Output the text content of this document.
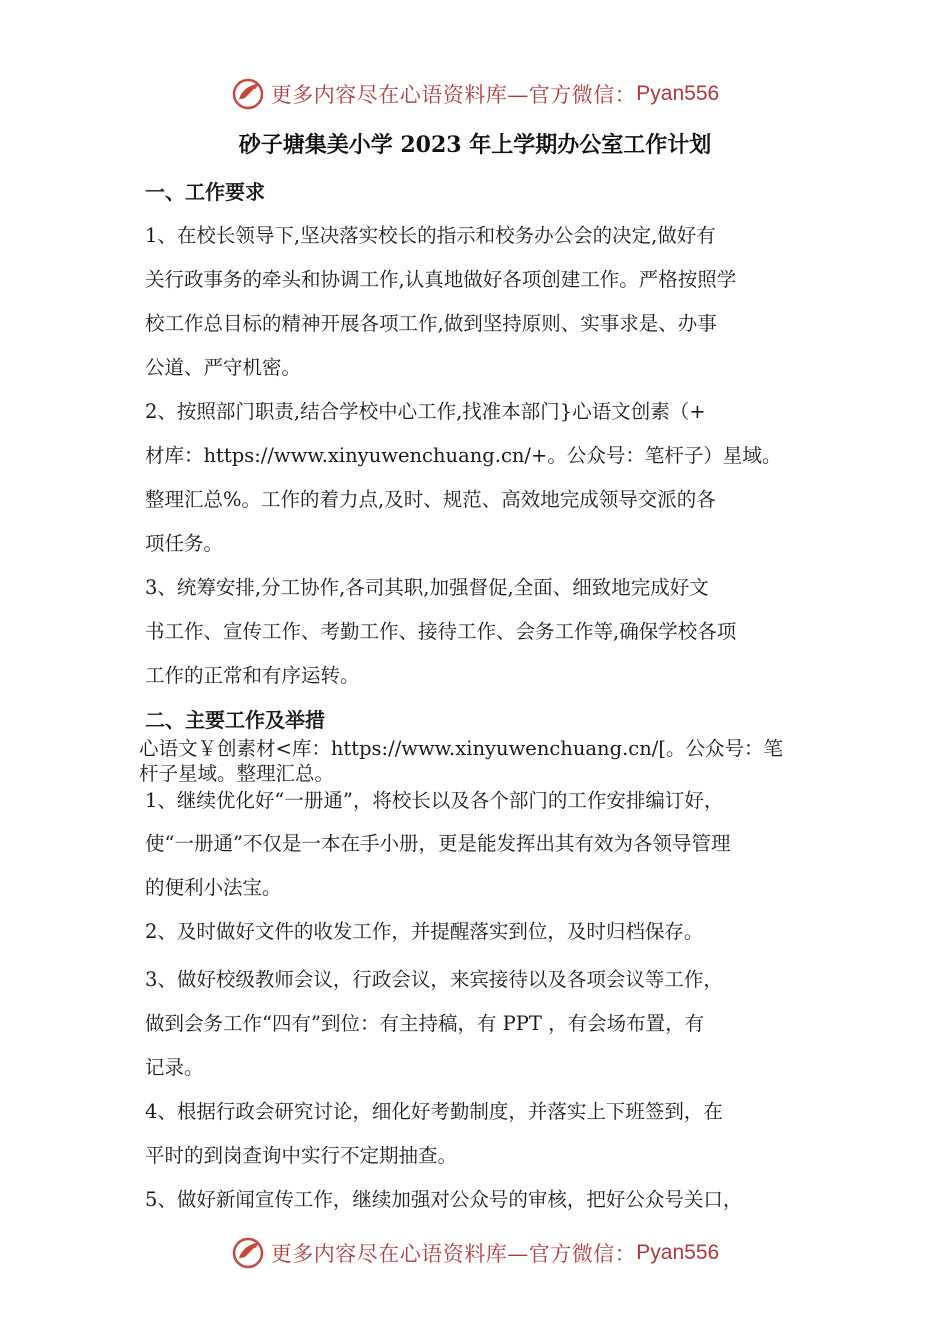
更多内容尽在心语资料库—官方微信： Pyan556
砂子塘集美小学 2023 年上学期办公室工作计划
一、工作要求
1、在校长领导下,坚决落实校长的指示和校务办公会的决定,做好有
关行政事务的牵头和协调工作,认真地做好各项创建工作。严格按照学
校工作总目标的精神开展各项工作,做到坚持原则、实事求是、办事
公道、严守机密。
2、按照部门职责,结合学校中心工作,找准本部门}心语文创素（+
材库：https://www.xinyuwenchuang.cn/+。公众号：笔杆子）星域。
整理汇总%。工作的着力点,及时、规范、高效地完成领导交派的各
项任务。
3、统筹安排,分工协作,各司其职,加强督促,全面、细致地完成好文
书工作、宣传工作、考勤工作、接待工作、会务工作等,确保学校各项
工作的正常和有序运转。
二、主要工作及举措
心语文￥创素材<库：https://www.xinyuwenchuang.cn/[。公众号：笔
杆子星域。整理汇总。
1、继续优化好“一册通”，将校长以及各个部门的工作安排编订好，
使“一册通”不仅是一本在手小册，更是能发挥出其有效为各领导管理
的便利小法宝。
2、及时做好文件的收发工作，并提醒落实到位，及时归档保存。
3、做好校级教师会议，行政会议，来宾接待以及各项会议等工作，
做到会务工作“四有”到位：有主持稿，有 PPT ，有会场布置，有
记录。
4、根据行政会研究讨论，细化好考勤制度，并落实上下班签到，在
平时的到岗查询中实行不定期抽查。
5、做好新闻宣传工作，继续加强对公众号的审核，把好公众号关口，
更多内容尽在心语资料库—官方微信： Pyan556
